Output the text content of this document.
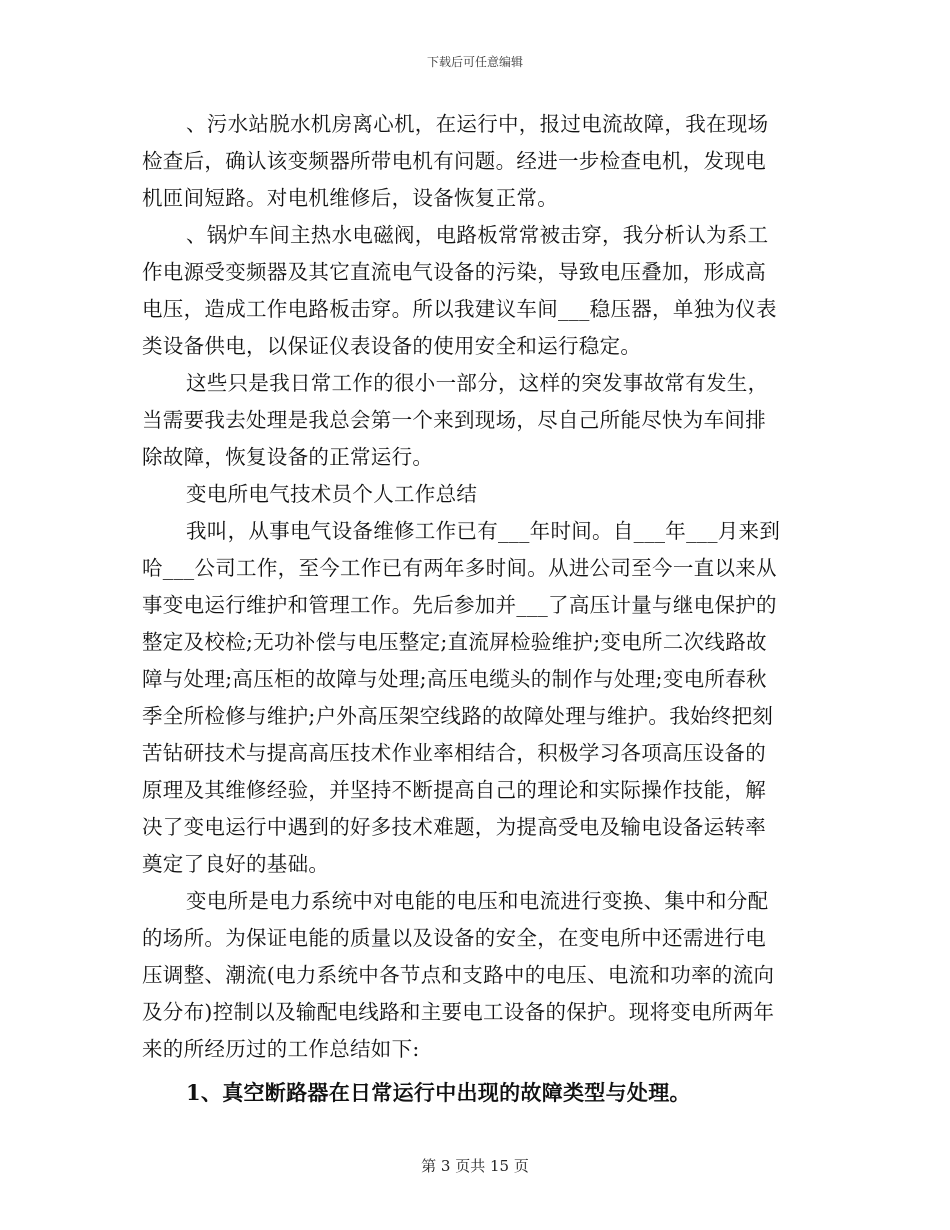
下载后可任意编辑
、污水站脱水机房离心机，在运行中，报过电流故障，我在现场
检查后，确认该变频器所带电机有问题。经进一步检查电机，发现电
机匝间短路。对电机维修后，设备恢复正常。
、锅炉车间主热水电磁阀，电路板常常被击穿，我分析认为系工
作电源受变频器及其它直流电气设备的污染，导致电压叠加，形成高
电压，造成工作电路板击穿。所以我建议车间___稳压器，单独为仪表
类设备供电，以保证仪表设备的使用安全和运行稳定。
这些只是我日常工作的很小一部分，这样的突发事故常有发生，
当需要我去处理是我总会第一个来到现场，尽自己所能尽快为车间排
除故障，恢复设备的正常运行。
变电所电气技术员个人工作总结
我叫，从事电气设备维修工作已有___年时间。自___年___月来到
哈___公司工作，至今工作已有两年多时间。从进公司至今一直以来从
事变电运行维护和管理工作。先后参加并___了高压计量与继电保护的
整定及校检;无功补偿与电压整定;直流屏检验维护;变电所二次线路故
障与处理;高压柜的故障与处理;高压电缆头的制作与处理;变电所春秋
季全所检修与维护;户外高压架空线路的故障处理与维护。我始终把刻
苦钻研技术与提高高压技术作业率相结合，积极学习各项高压设备的
原理及其维修经验，并坚持不断提高自己的理论和实际操作技能，解
决了变电运行中遇到的好多技术难题，为提高受电及输电设备运转率
奠定了良好的基础。
变电所是电力系统中对电能的电压和电流进行变换、集中和分配
的场所。为保证电能的质量以及设备的安全，在变电所中还需进行电
压调整、潮流(电力系统中各节点和支路中的电压、电流和功率的流向
及分布)控制以及输配电线路和主要电工设备的保护。现将变电所两年
来的所经历过的工作总结如下:
1、真空断路器在日常运行中出现的故障类型与处理。
第 3 页共 15 页
